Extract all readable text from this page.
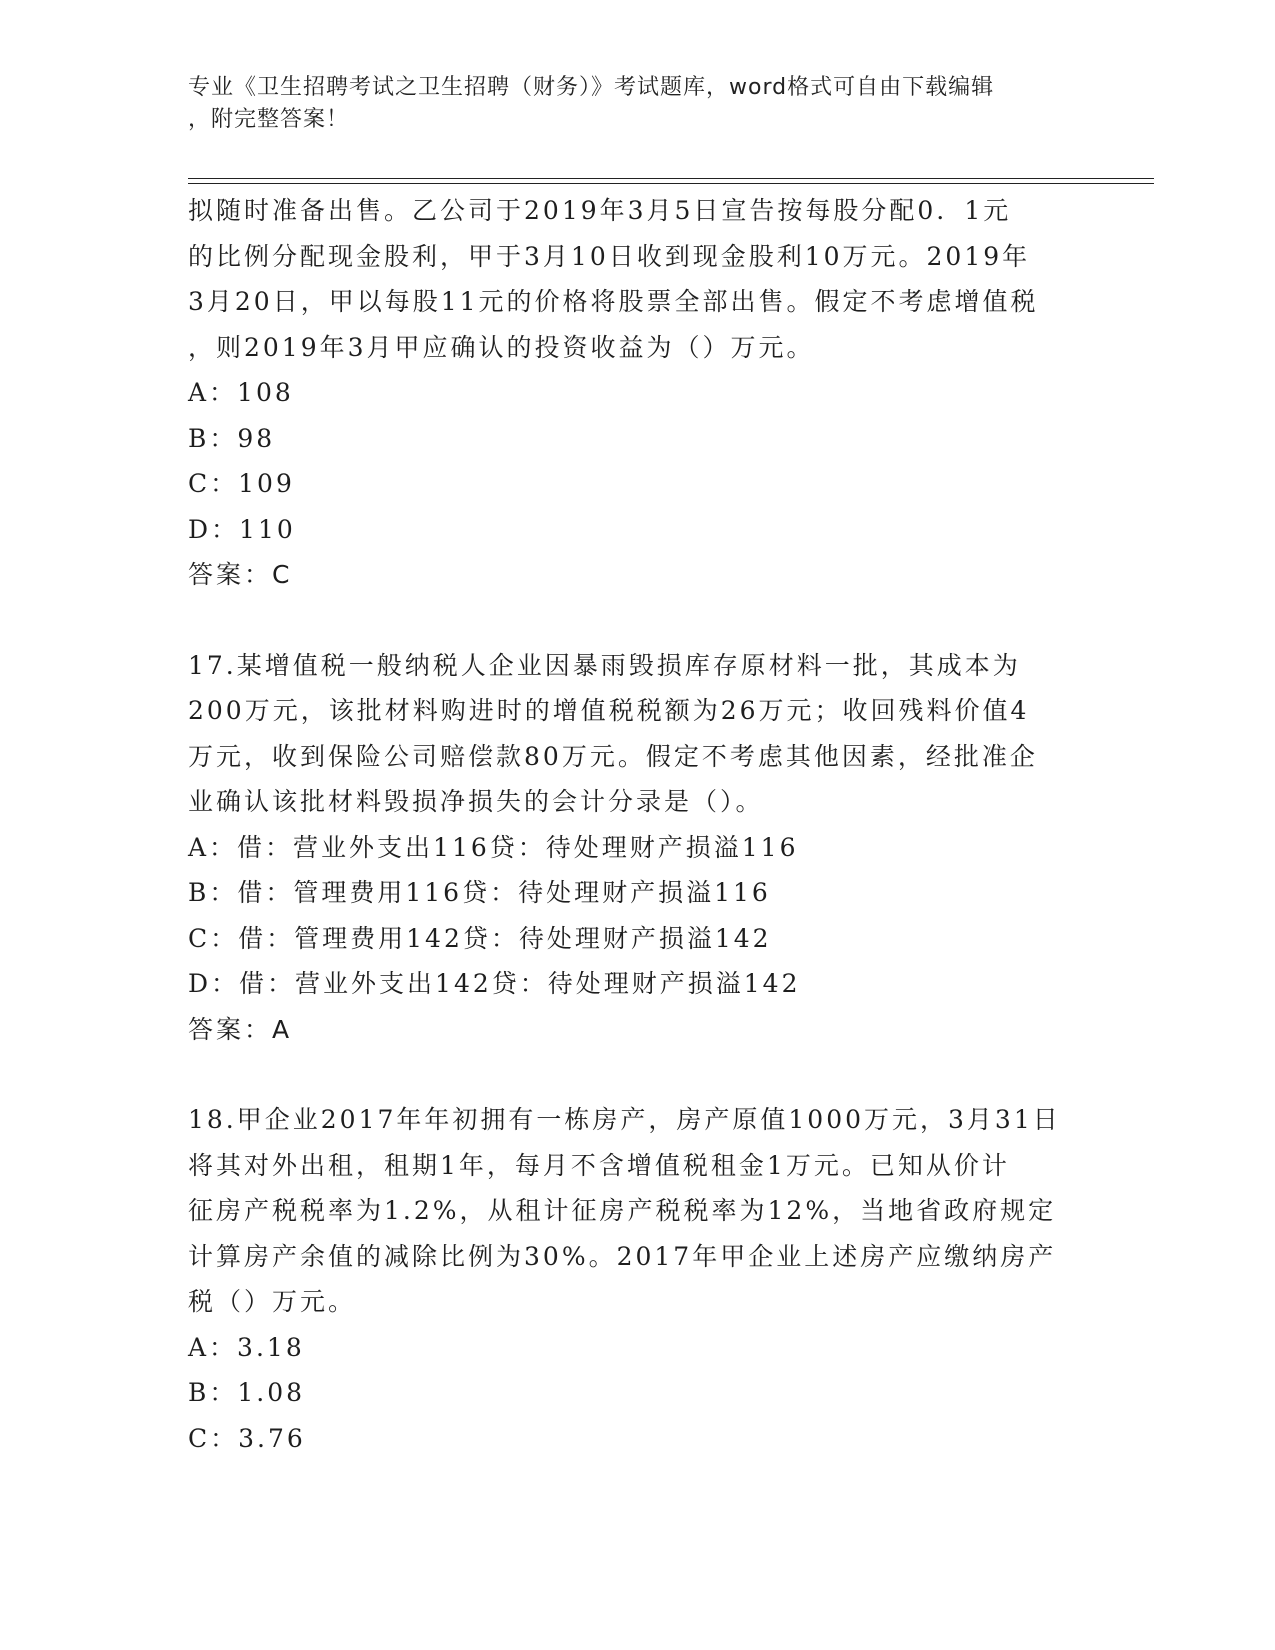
专业《卫生招聘考试之卫生招聘（财务）》考试题库，word格式可自由下载编辑
，附完整答案！
拟随时准备出售。乙公司于2019年3月5日宣告按每股分配0．1元
的比例分配现金股利，甲于3月10日收到现金股利10万元。2019年
3月20日，甲以每股11元的价格将股票全部出售。假定不考虑增值税
，则2019年3月甲应确认的投资收益为（）万元。
A：108
B：98
C：109
D：110
答案：C
17.某增值税一般纳税人企业因暴雨毁损库存原材料一批，其成本为
200万元，该批材料购进时的增值税税额为26万元；收回残料价值4
万元，收到保险公司赔偿款80万元。假定不考虑其他因素，经批准企
业确认该批材料毁损净损失的会计分录是（）。
A：借：营业外支出116贷：待处理财产损溢116
B：借：管理费用116贷：待处理财产损溢116
C：借：管理费用142贷：待处理财产损溢142
D：借：营业外支出142贷：待处理财产损溢142
答案：A
18.甲企业2017年年初拥有一栋房产，房产原值1000万元，3月31日
将其对外出租，租期1年，每月不含增值税租金1万元。已知从价计
征房产税税率为1.2%，从租计征房产税税率为12%，当地省政府规定
计算房产余值的减除比例为30%。2017年甲企业上述房产应缴纳房产
税（）万元。
A：3.18
B：1.08
C：3.76
